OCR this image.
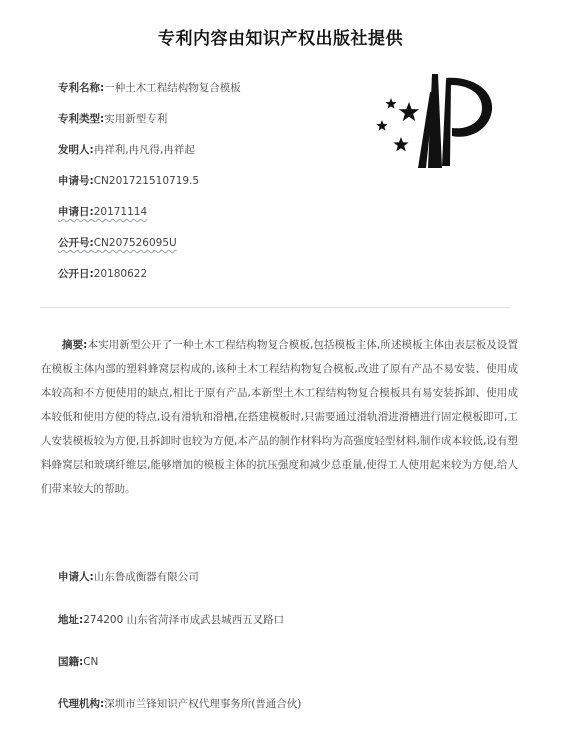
专利内容由知识产权出版社提供
专利名称:一种土木工程结构物复合模板
专利类型:实用新型专利
发明人:冉祥利,冉凡得,冉祥起
申请号:CN201721510719.5
申请日:20171114
公开号:CN207526095U
公开日:20180622
摘要:本实用新型公开了一种土木工程结构物复合模板,包括模板主体,所述模板主体由表层板及设置在模板主体内部的塑料蜂窝层构成的,该种土木工程结构物复合模板,改进了原有产品不易安装、使用成本较高和不方便使用的缺点,相比于原有产品,本新型土木工程结构物复合模板具有易安装拆卸、使用成本较低和使用方便的特点,设有滑轨和滑槽,在搭建模板时,只需要通过滑轨滑进滑槽进行固定模板即可,工人安装模板较为方便,且拆卸时也较为方便,本产品的制作材料均为高强度轻型材料,制作成本较低,设有塑料蜂窝层和玻璃纤维层,能够增加的模板主体的抗压强度和减少总重量,使得工人使用起来较为方便,给人们带来较大的帮助。
申请人:山东鲁成衡器有限公司
地址:274200 山东省菏泽市成武县城西五叉路口
国籍:CN
代理机构:深圳市兰锋知识产权代理事务所(普通合伙)
